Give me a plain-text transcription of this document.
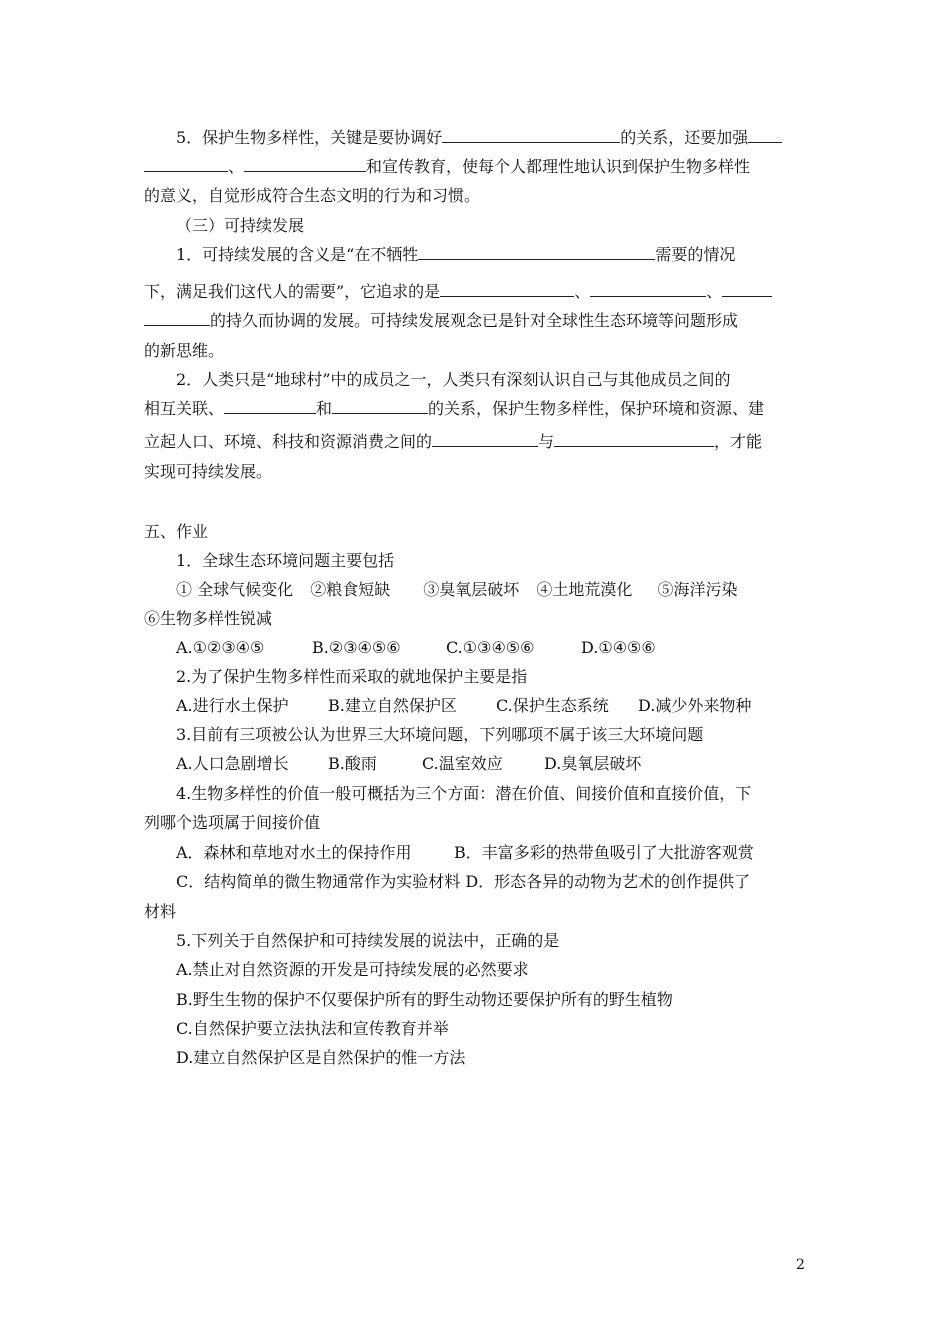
5．保护生物多样性，关键是要协调好	的关系，还要加强
、	和宣传教育，使每个人都理性地认识到保护生物多样性
的意义，自觉形成符合生态文明的行为和习惯。
（三）可持续发展
1．可持续发展的含义是“在不牺牲	需要的情况
下，满足我们这代人的需要”，它追求的是	、	、
的持久而协调的发展。可持续发展观念已是针对全球性生态环境等问题形成
的新思维。
2．人类只是“地球村”中的成员之一，人类只有深刻认识自己与其他成员之间的
相互关联、	和	的关系，保护生物多样性，保护环境和资源、建
立起人口、环境、科技和资源消费之间的	与	，才能
实现可持续发展。
五、作业
1．全球生态环境问题主要包括
① 全球气候变化 ②粮食短缺 ③臭氧层破坏 ④土地荒漠化 ⑤海洋污染
⑥生物多样性锐减
A.①②③④⑤	B.②③④⑤⑥	C.①③④⑤⑥	D.①④⑤⑥
2.为了保护生物多样性而采取的就地保护主要是指
A.进行水土保护 B.建立自然保护区 C.保护生态系统 D.减少外来物种
3.目前有三项被公认为世界三大环境问题，下列哪项不属于该三大环境问题
A.人口急剧增长 B.酸雨	C.温室效应	D.臭氧层破坏
4.生物多样性的价值一般可概括为三个方面：潜在价值、间接价值和直接价值，下
列哪个选项属于间接价值
A．森林和草地对水土的保持作用	B．丰富多彩的热带鱼吸引了大批游客观赏
C．结构简单的微生物通常作为实验材料 D．形态各异的动物为艺术的创作提供了
材料
5.下列关于自然保护和可持续发展的说法中，正确的是
A.禁止对自然资源的开发是可持续发展的必然要求
B.野生生物的保护不仅要保护所有的野生动物还要保护所有的野生植物
C.自然保护要立法执法和宣传教育并举
D.建立自然保护区是自然保护的惟一方法
2
